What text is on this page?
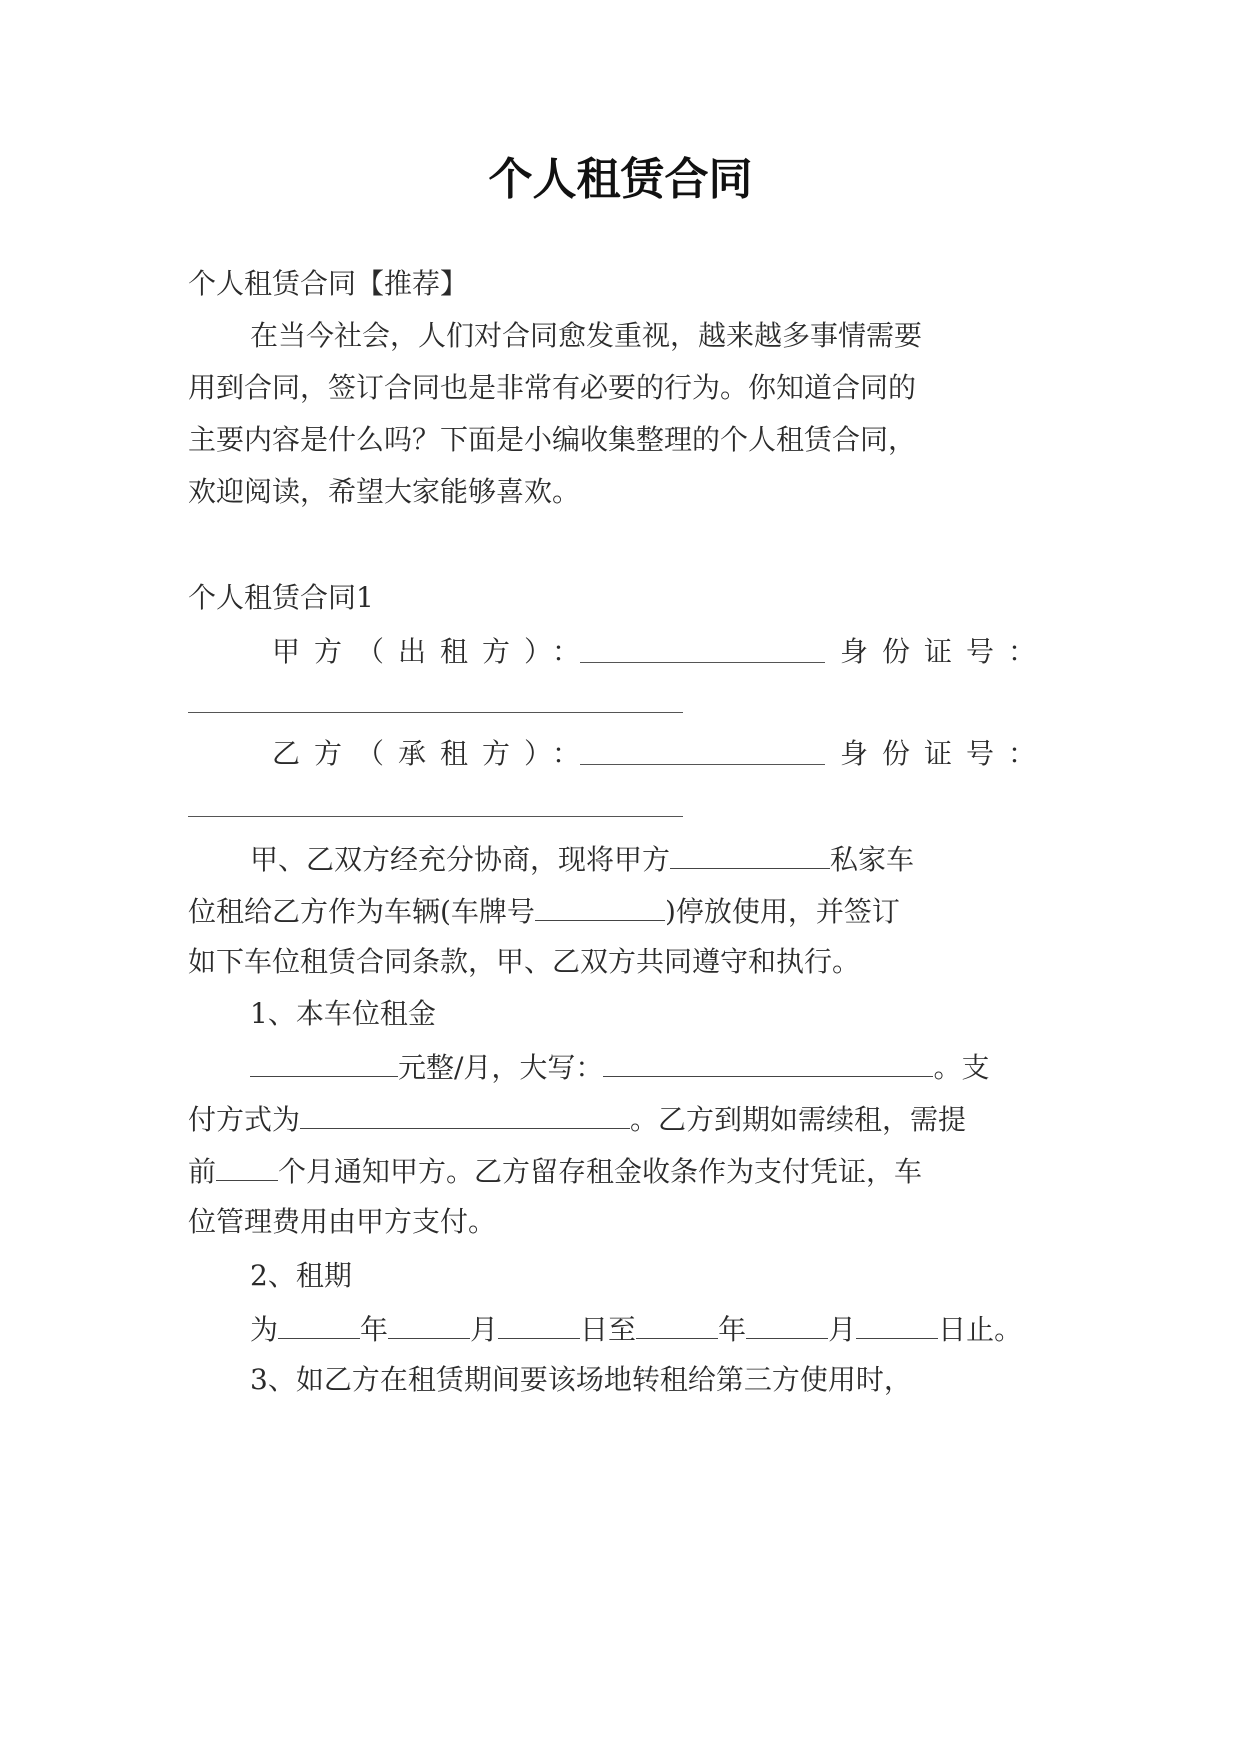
个人租赁合同
个人租赁合同【推荐】
在当今社会，人们对合同愈发重视，越来越多事情需要
用到合同，签订合同也是非常有必要的行为。你知道合同的
主要内容是什么吗？下面是小编收集整理的个人租赁合同，
欢迎阅读，希望大家能够喜欢。
个人租赁合同1
甲方（出租方）：	身份证号：
乙方（承租方）：	身份证号：
甲、乙双方经充分协商，现将甲方	私家车
位租给乙方作为车辆(车牌号	)停放使用，并签订
如下车位租赁合同条款，甲、乙双方共同遵守和执行。
1、本车位租金
元整/月，大写：	。支
付方式为	。乙方到期如需续租，需提
前 个月通知甲方。乙方留存租金收条作为支付凭证，车
位管理费用由甲方支付。
2、租期
为	年	月	日至	年	月	日止。
3、如乙方在租赁期间要该场地转租给第三方使用时，
